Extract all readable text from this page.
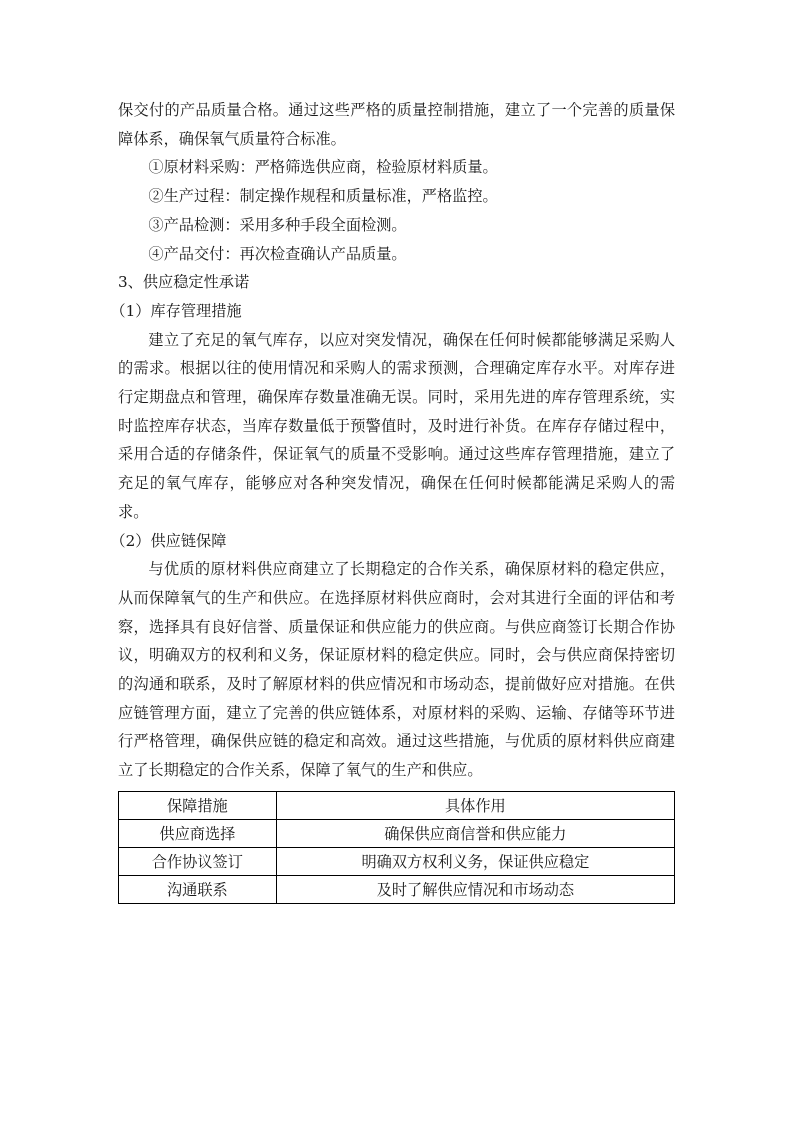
保交付的产品质量合格。通过这些严格的质量控制措施，建立了一个完善的质量保障体系，确保氧气质量符合标准。

①原材料采购：严格筛选供应商，检验原材料质量。

②生产过程：制定操作规程和质量标准，严格监控。

③产品检测：采用多种手段全面检测。

④产品交付：再次检查确认产品质量。

3、供应稳定性承诺

（1）库存管理措施

建立了充足的氧气库存，以应对突发情况，确保在任何时候都能够满足采购人的需求。根据以往的使用情况和采购人的需求预测，合理确定库存水平。对库存进行定期盘点和管理，确保库存数量准确无误。同时，采用先进的库存管理系统，实时监控库存状态，当库存数量低于预警值时，及时进行补货。在库存存储过程中，采用合适的存储条件，保证氧气的质量不受影响。通过这些库存管理措施，建立了充足的氧气库存，能够应对各种突发情况，确保在任何时候都能满足采购人的需求。

（2）供应链保障

与优质的原材料供应商建立了长期稳定的合作关系，确保原材料的稳定供应，从而保障氧气的生产和供应。在选择原材料供应商时，会对其进行全面的评估和考察，选择具有良好信誉、质量保证和供应能力的供应商。与供应商签订长期合作协议，明确双方的权利和义务，保证原材料的稳定供应。同时，会与供应商保持密切的沟通和联系，及时了解原材料的供应情况和市场动态，提前做好应对措施。在供应链管理方面，建立了完善的供应链体系，对原材料的采购、运输、存储等环节进行严格管理，确保供应链的稳定和高效。通过这些措施，与优质的原材料供应商建立了长期稳定的合作关系，保障了氧气的生产和供应。

保障措施	具体作用
供应商选择	确保供应商信誉和供应能力
合作协议签订	明确双方权利义务，保证供应稳定
沟通联系	及时了解供应情况和市场动态
